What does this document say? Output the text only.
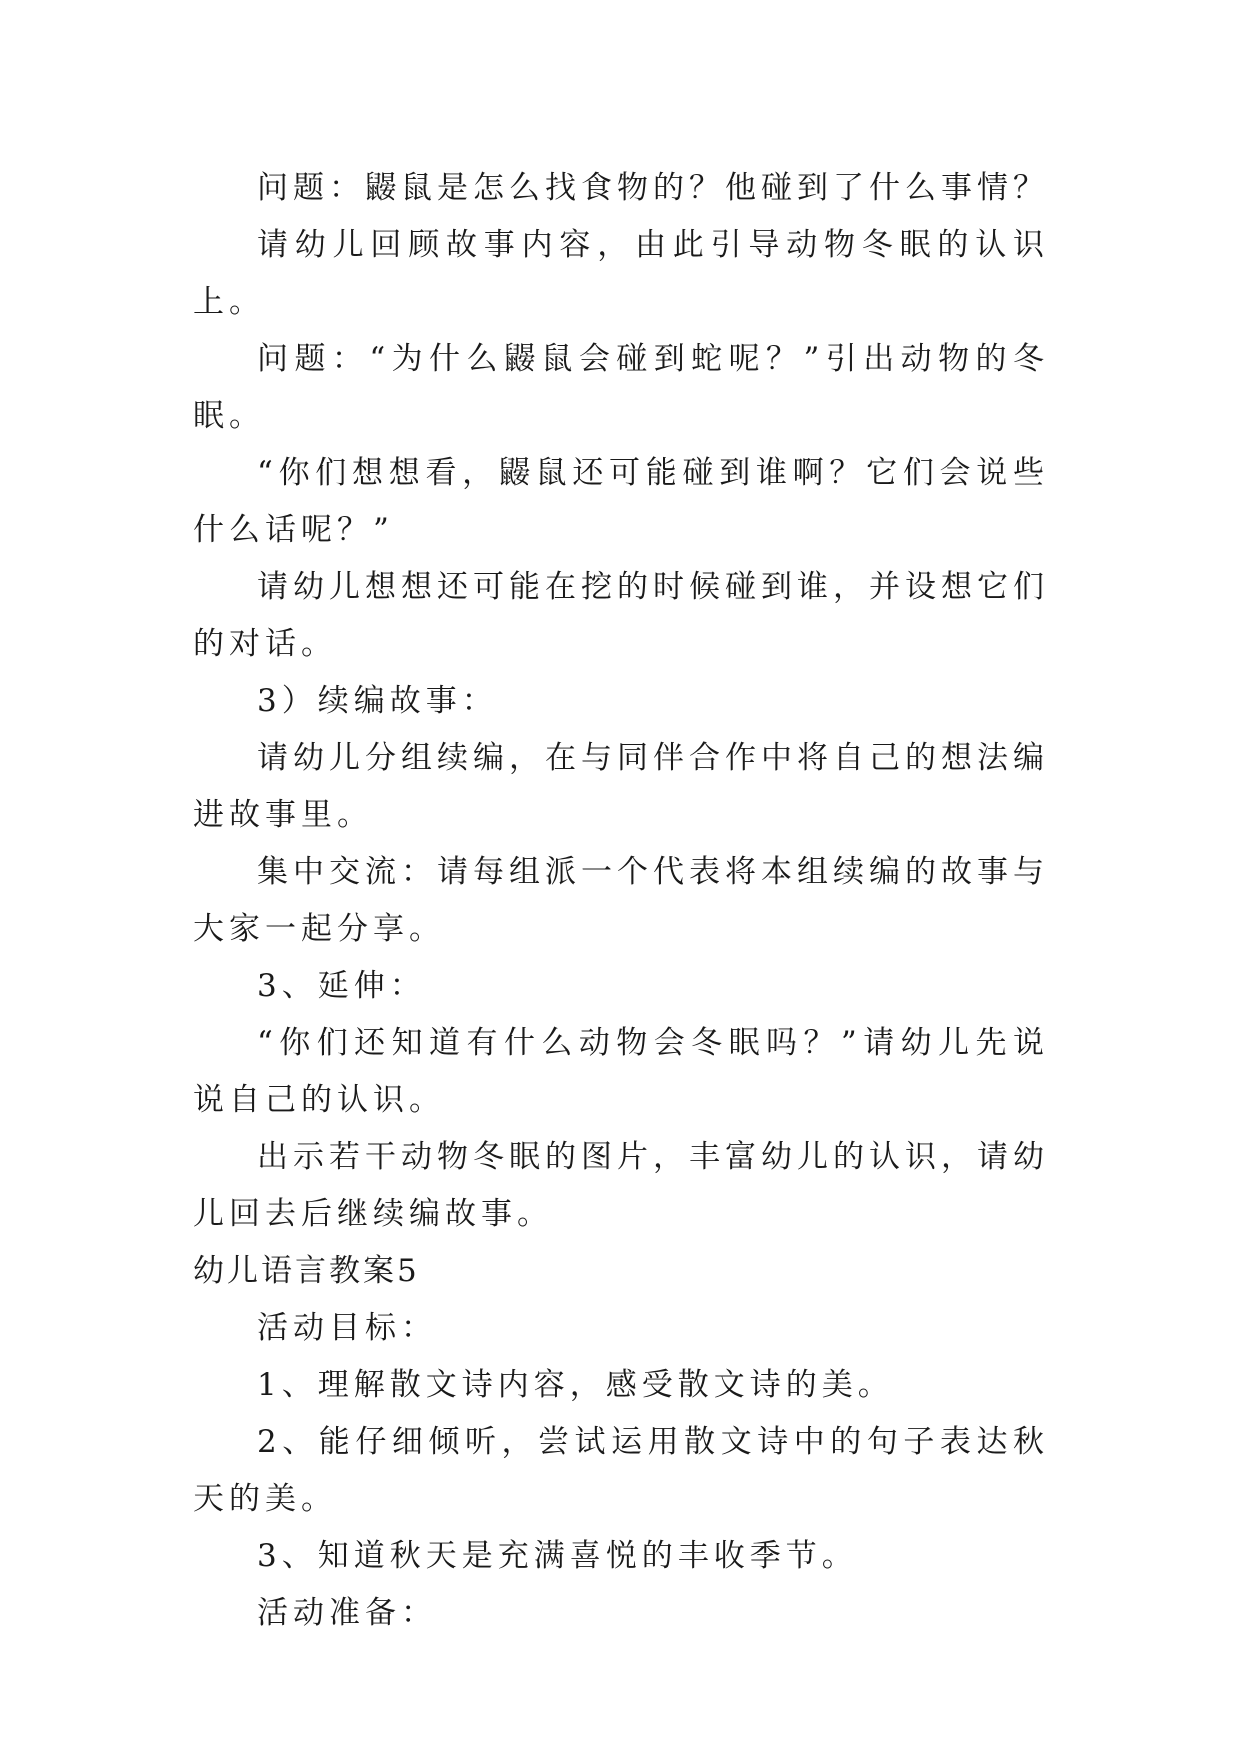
问题：鼹鼠是怎么找食物的？他碰到了什么事情？

请幼儿回顾故事内容，由此引导动物冬眠的认识上。

问题：“为什么鼹鼠会碰到蛇呢？”引出动物的冬眠。

“你们想想看，鼹鼠还可能碰到谁啊？它们会说些什么话呢？”

请幼儿想想还可能在挖的时候碰到谁，并设想它们的对话。

3）续编故事：

请幼儿分组续编，在与同伴合作中将自己的想法编进故事里。

集中交流：请每组派一个代表将本组续编的故事与大家一起分享。

3、延伸：

“你们还知道有什么动物会冬眠吗？”请幼儿先说说自己的认识。

出示若干动物冬眠的图片，丰富幼儿的认识，请幼儿回去后继续编故事。

幼儿语言教案5

活动目标：

1、理解散文诗内容，感受散文诗的美。

2、能仔细倾听，尝试运用散文诗中的句子表达秋天的美。

3、知道秋天是充满喜悦的丰收季节。

活动准备：
